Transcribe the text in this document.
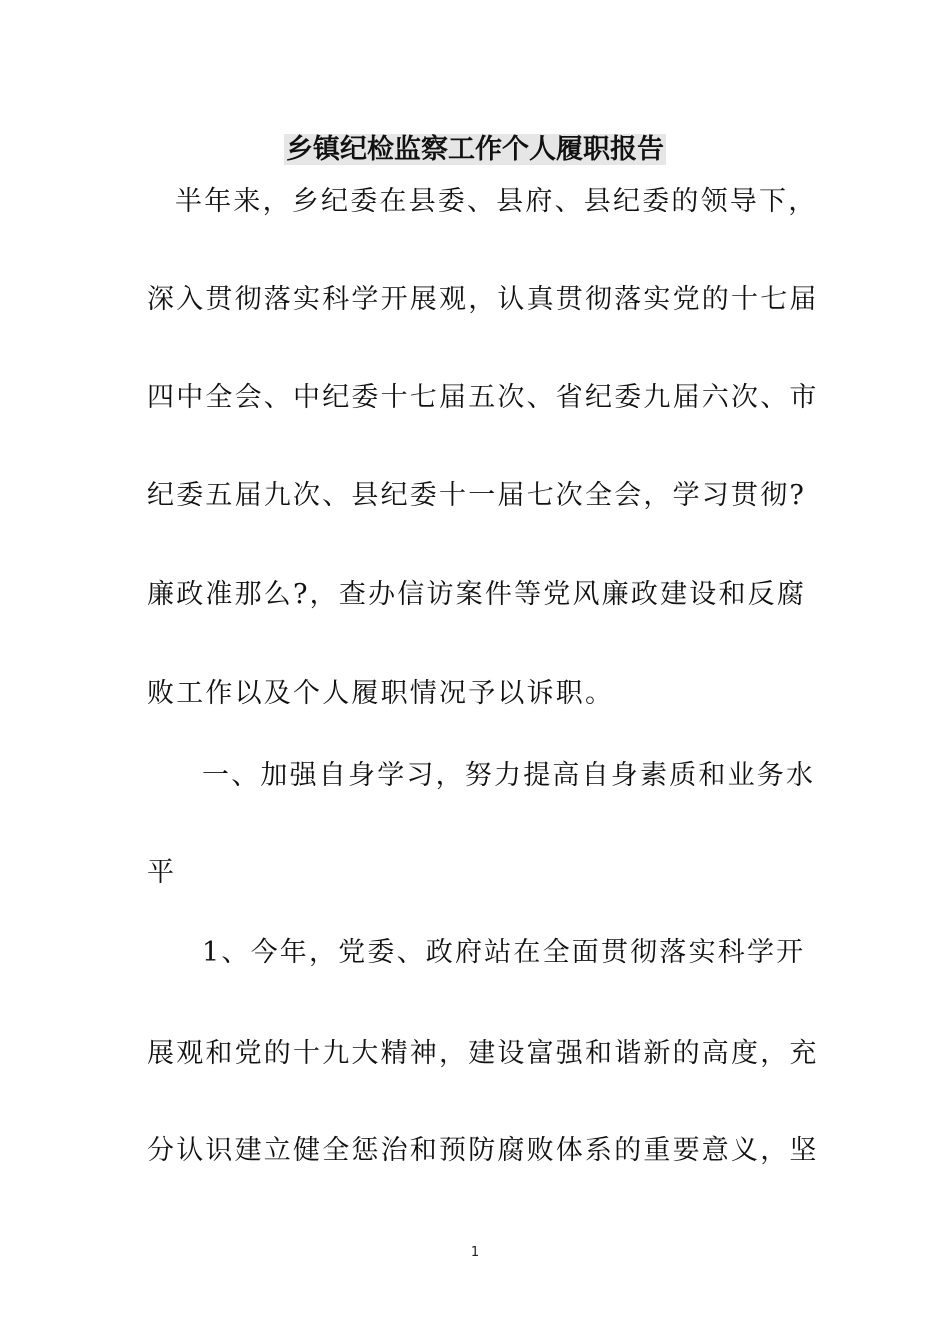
乡镇纪检监察工作个人履职报告
半年来，乡纪委在县委、县府、县纪委的领导下，
深入贯彻落实科学开展观，认真贯彻落实党的十七届
四中全会、中纪委十七届五次、省纪委九届六次、市
纪委五届九次、县纪委十一届七次全会，学习贯彻?
廉政准那么?，查办信访案件等党风廉政建设和反腐
败工作以及个人履职情况予以诉职。
一、加强自身学习，努力提高自身素质和业务水
平
1、今年，党委、政府站在全面贯彻落实科学开
展观和党的十九大精神，建设富强和谐新的高度，充
分认识建立健全惩治和预防腐败体系的重要意义，坚
1
